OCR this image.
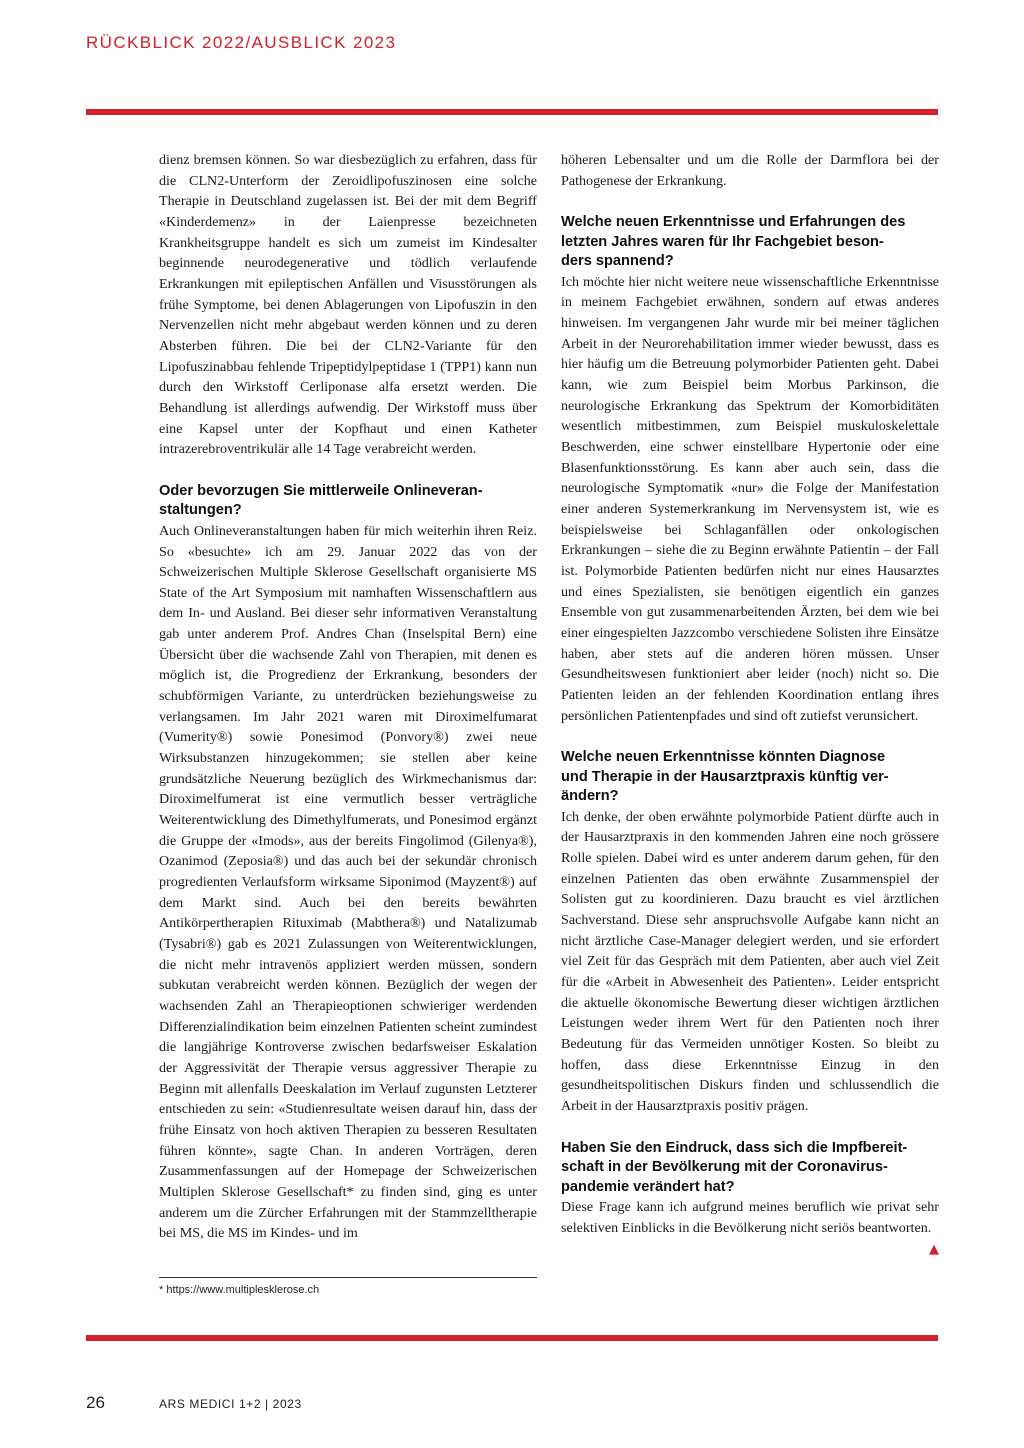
RÜCKBLICK 2022/AUSBLICK 2023

dienz bremsen können. So war diesbezüglich zu erfahren, dass für die CLN2-Unterform der Zeroidlipofuszinosen eine solche Therapie in Deutschland zugelassen ist. Bei der mit dem Begriff «Kinderdemenz» in der Laienpresse bezeichneten Krankheitsgruppe handelt es sich um zumeist im Kindesalter beginnende neurodegenerative und tödlich verlaufende Erkrankungen mit epileptischen Anfällen und Visusstörungen als frühe Symptome, bei denen Ablagerungen von Lipofuszin in den Nervenzellen nicht mehr abgebaut werden können und zu deren Absterben führen. Die bei der CLN2-Variante für den Lipofuszinabbau fehlende Tripeptidylpeptidase 1 (TPP1) kann nun durch den Wirkstoff Cerliponase alfa ersetzt werden. Die Behandlung ist allerdings aufwendig. Der Wirkstoff muss über eine Kapsel unter der Kopfhaut und einen Katheter intrazerebroventrikulär alle 14 Tage verabreicht werden.

Oder bevorzugen Sie mittlerweile Onlineveran-
staltungen?

Auch Onlineveranstaltungen haben für mich weiterhin ihren Reiz. So «besuchte» ich am 29. Januar 2022 das von der Schweizerischen Multiple Sklerose Gesellschaft organisierte MS State of the Art Symposium mit namhaften Wissenschaftlern aus dem In- und Ausland. Bei dieser sehr informativen Veranstaltung gab unter anderem Prof. Andres Chan (Inselspital Bern) eine Übersicht über die wachsende Zahl von Therapien, mit denen es möglich ist, die Progredienz der Erkrankung, besonders der schubförmigen Variante, zu unterdrücken beziehungsweise zu verlangsamen. Im Jahr 2021 waren mit Diroximelfumarat (Vumerity®) sowie Ponesimod (Ponvory®) zwei neue Wirksubstanzen hinzugekommen; sie stellen aber keine grundsätzliche Neuerung bezüglich des Wirkmechanismus dar: Diroximelfumerat ist eine vermutlich besser verträgliche Weiterentwicklung des Dimethylfumerats, und Ponesimod ergänzt die Gruppe der «Imods», aus der bereits Fingolimod (Gilenya®), Ozanimod (Zeposia®) und das auch bei der sekundär chronisch progredienten Verlaufsform wirksame Siponimod (Mayzent®) auf dem Markt sind. Auch bei den bereits bewährten Antikörpertherapien Rituximab (Mabthera®) und Natalizumab (Tysabri®) gab es 2021 Zulassungen von Weiterentwicklungen, die nicht mehr intravenös appliziert werden müssen, sondern subkutan verabreicht werden können. Bezüglich der wegen der wachsenden Zahl an Therapieoptionen schwieriger werdenden Differenzialindikation beim einzelnen Patienten scheint zumindest die langjährige Kontroverse zwischen bedarfsweiser Eskalation der Aggressivität der Therapie versus aggressiver Therapie zu Beginn mit allenfalls Deeskalation im Verlauf zugunsten Letzterer entschieden zu sein: «Studienresultate weisen darauf hin, dass der frühe Einsatz von hoch aktiven Therapien zu besseren Resultaten führen könnte», sagte Chan. In anderen Vorträgen, deren Zusammenfassungen auf der Homepage der Schweizerischen Multiplen Sklerose Gesellschaft* zu finden sind, ging es unter anderem um die Zürcher Erfahrungen mit der Stammzelltherapie bei MS, die MS im Kindes- und im

höheren Lebensalter und um die Rolle der Darmflora bei der Pathogenese der Erkrankung.

Welche neuen Erkenntnisse und Erfahrungen des
letzten Jahres waren für Ihr Fachgebiet beson-
ders spannend?

Ich möchte hier nicht weitere neue wissenschaftliche Erkenntnisse in meinem Fachgebiet erwähnen, sondern auf etwas anderes hinweisen. Im vergangenen Jahr wurde mir bei meiner täglichen Arbeit in der Neurorehabilitation immer wieder bewusst, dass es hier häufig um die Betreuung polymorbider Patienten geht. Dabei kann, wie zum Beispiel beim Morbus Parkinson, die neurologische Erkrankung das Spektrum der Komorbiditäten wesentlich mitbestimmen, zum Beispiel muskuloskelettale Beschwerden, eine schwer einstellbare Hypertonie oder eine Blasenfunktionsstörung. Es kann aber auch sein, dass die neurologische Symptomatik «nur» die Folge der Manifestation einer anderen Systemerkrankung im Nervensystem ist, wie es beispielsweise bei Schlaganfällen oder onkologischen Erkrankungen – siehe die zu Beginn erwähnte Patientin – der Fall ist. Polymorbide Patienten bedürfen nicht nur eines Hausarztes und eines Spezialisten, sie benötigen eigentlich ein ganzes Ensemble von gut zusammenarbeitenden Ärzten, bei dem wie bei einer eingespielten Jazzcombo verschiedene Solisten ihre Einsätze haben, aber stets auf die anderen hören müssen. Unser Gesundheitswesen funktioniert aber leider (noch) nicht so. Die Patienten leiden an der fehlenden Koordination entlang ihres persönlichen Patientenpfades und sind oft zutiefst verunsichert.

Welche neuen Erkenntnisse könnten Diagnose
und Therapie in der Hausarztpraxis künftig ver-
ändern?

Ich denke, der oben erwähnte polymorbide Patient dürfte auch in der Hausarztpraxis in den kommenden Jahren eine noch grössere Rolle spielen. Dabei wird es unter anderem darum gehen, für den einzelnen Patienten das oben erwähnte Zusammenspiel der Solisten gut zu koordinieren. Dazu braucht es viel ärztlichen Sachverstand. Diese sehr anspruchsvolle Aufgabe kann nicht an nicht ärztliche Case-Manager delegiert werden, und sie erfordert viel Zeit für das Gespräch mit dem Patienten, aber auch viel Zeit für die «Arbeit in Abwesenheit des Patienten». Leider entspricht die aktuelle ökonomische Bewertung dieser wichtigen ärztlichen Leistungen weder ihrem Wert für den Patienten noch ihrer Bedeutung für das Vermeiden unnötiger Kosten. So bleibt zu hoffen, dass diese Erkenntnisse Einzug in den gesundheitspolitischen Diskurs finden und schlussendlich die Arbeit in der Hausarztpraxis positiv prägen.

Haben Sie den Eindruck, dass sich die Impfbereit-
schaft in der Bevölkerung mit der Coronavirus-
pandemie verändert hat?

Diese Frage kann ich aufgrund meines beruflich wie privat sehr selektiven Einblicks in die Bevölkerung nicht seriös beantworten.
▲

* https://www.multiplesklerose.ch
26	ARS MEDICI 1+2 | 2023
